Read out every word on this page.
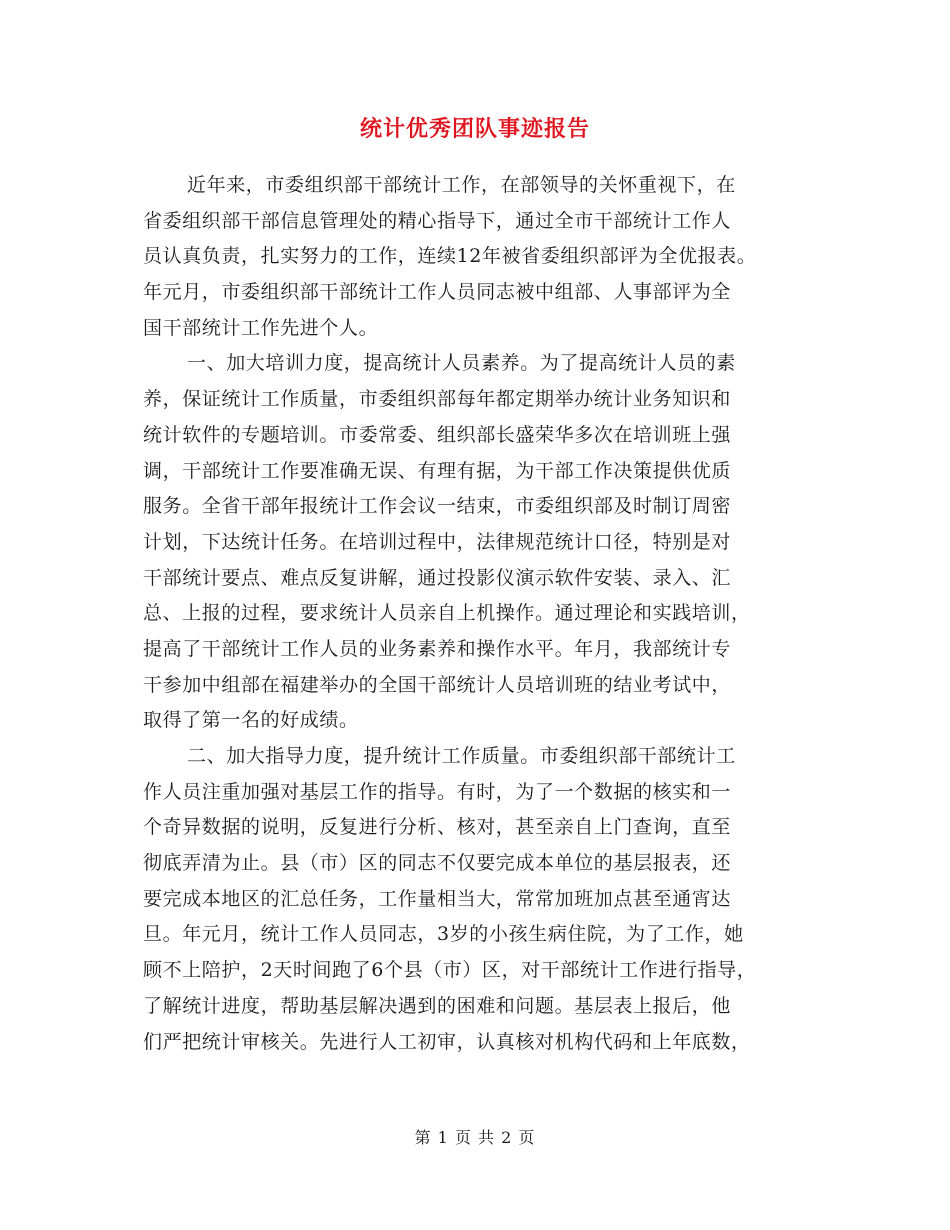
统计优秀团队事迹报告
近年来，市委组织部干部统计工作，在部领导的关怀重视下，在
省委组织部干部信息管理处的精心指导下，通过全市干部统计工作人
员认真负责，扎实努力的工作，连续12年被省委组织部评为全优报表。
年元月，市委组织部干部统计工作人员同志被中组部、人事部评为全
国干部统计工作先进个人。
一、加大培训力度，提高统计人员素养。为了提高统计人员的素
养，保证统计工作质量，市委组织部每年都定期举办统计业务知识和
统计软件的专题培训。市委常委、组织部长盛荣华多次在培训班上强
调，干部统计工作要准确无误、有理有据，为干部工作决策提供优质
服务。全省干部年报统计工作会议一结束，市委组织部及时制订周密
计划，下达统计任务。在培训过程中，法律规范统计口径，特别是对
干部统计要点、难点反复讲解，通过投影仪演示软件安装、录入、汇
总、上报的过程，要求统计人员亲自上机操作。通过理论和实践培训，
提高了干部统计工作人员的业务素养和操作水平。年月，我部统计专
干参加中组部在福建举办的全国干部统计人员培训班的结业考试中，
取得了第一名的好成绩。
二、加大指导力度，提升统计工作质量。市委组织部干部统计工
作人员注重加强对基层工作的指导。有时，为了一个数据的核实和一
个奇异数据的说明，反复进行分析、核对，甚至亲自上门查询，直至
彻底弄清为止。县（市）区的同志不仅要完成本单位的基层报表，还
要完成本地区的汇总任务，工作量相当大，常常加班加点甚至通宵达
旦。年元月，统计工作人员同志，3岁的小孩生病住院，为了工作，她
顾不上陪护，2天时间跑了6个县（市）区，对干部统计工作进行指导，
了解统计进度，帮助基层解决遇到的困难和问题。基层表上报后，他
们严把统计审核关。先进行人工初审，认真核对机构代码和上年底数，
第 1 页 共 2 页
